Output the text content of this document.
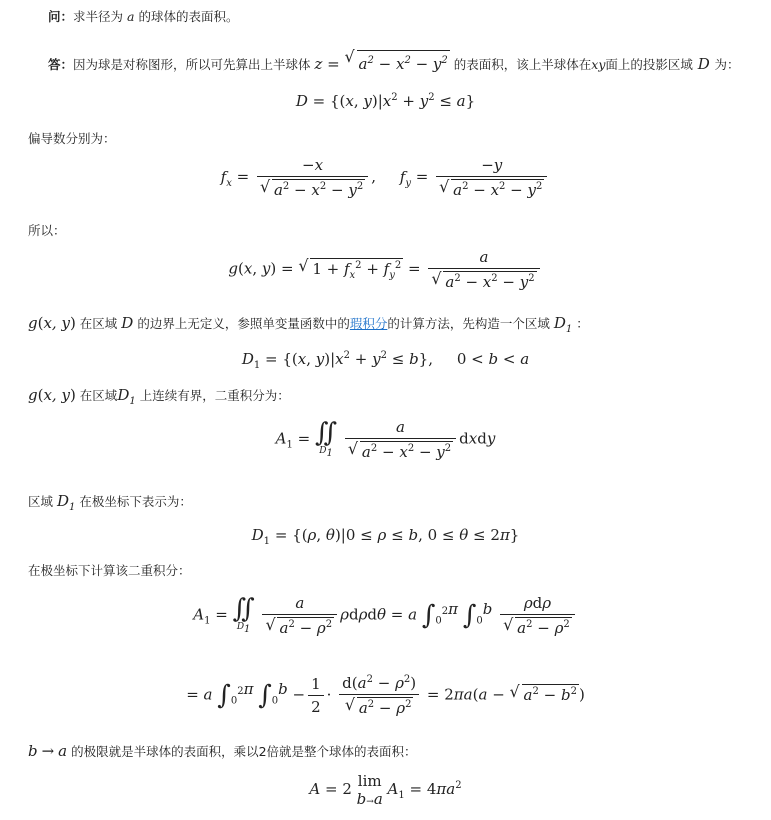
问：求半径为 a 的球体的表面积。
答：因为球是对称图形，所以可先算出上半球体 z = √ $a^2 - x^2 - y^2$ 的表面积，该上半球体在xy面上的投影区域 D 为：
D = {(x, $y)|x^2 + y^2 \le a$}
偏导数分别为：
$f_x = -x$
√ $a^2 - x^2 - y^2$ ,     $f_y = -y$
√ $a^2 - x^2 - y^2$
所以：
g(x, y) = √ $1 + f_x^2 + f_y^2 = a$
√ $a^2 - x^2 - y^2$
g(x, y) 在区域 D 的边界上无定义，参照单变量函数中的瑕积分的计算方法，先构造一个区域 $D_1$ ：
$D_1 = \{(x$, $y)|x^2 + y^2 \le b$},     0 < b < a
g(x, y) 在区域$D_1$ 上连续有界，二重积分为：
$A_1$ = ∬
$D_1$
a
√ $a^2 - x^2 - y^2$ dxdy
区域 $D_1$ 在极坐标下表示为：
$D_1 = \{(\rho$, θ)|0 ≤ ρ ≤ b, 0 ≤ θ ≤ 2π}
在极坐标下计算该二重积分：
$A_1$ = ∬
$D_1$
a
√ $a^2 - \rho^2$ ρdρdθ = a $\int_0^{2\pi}$ $\int_0^b$ ρdρ
√ $a^2 - \rho^2$
= a $\int_0^{2\pi}$ $\int_0^b - \frac{1}{2} \cdot d(a^2 - \rho^2)$
√ $a^2 - \rho^2 = 2\pi a(a$ − √ $a^2 - b^2$ )
b → a 的极限就是半球体的表面积，乘以2倍就是整个球体的表面积：
A = 2 lim
b→a
$A_1 = 4\pi a^2$
